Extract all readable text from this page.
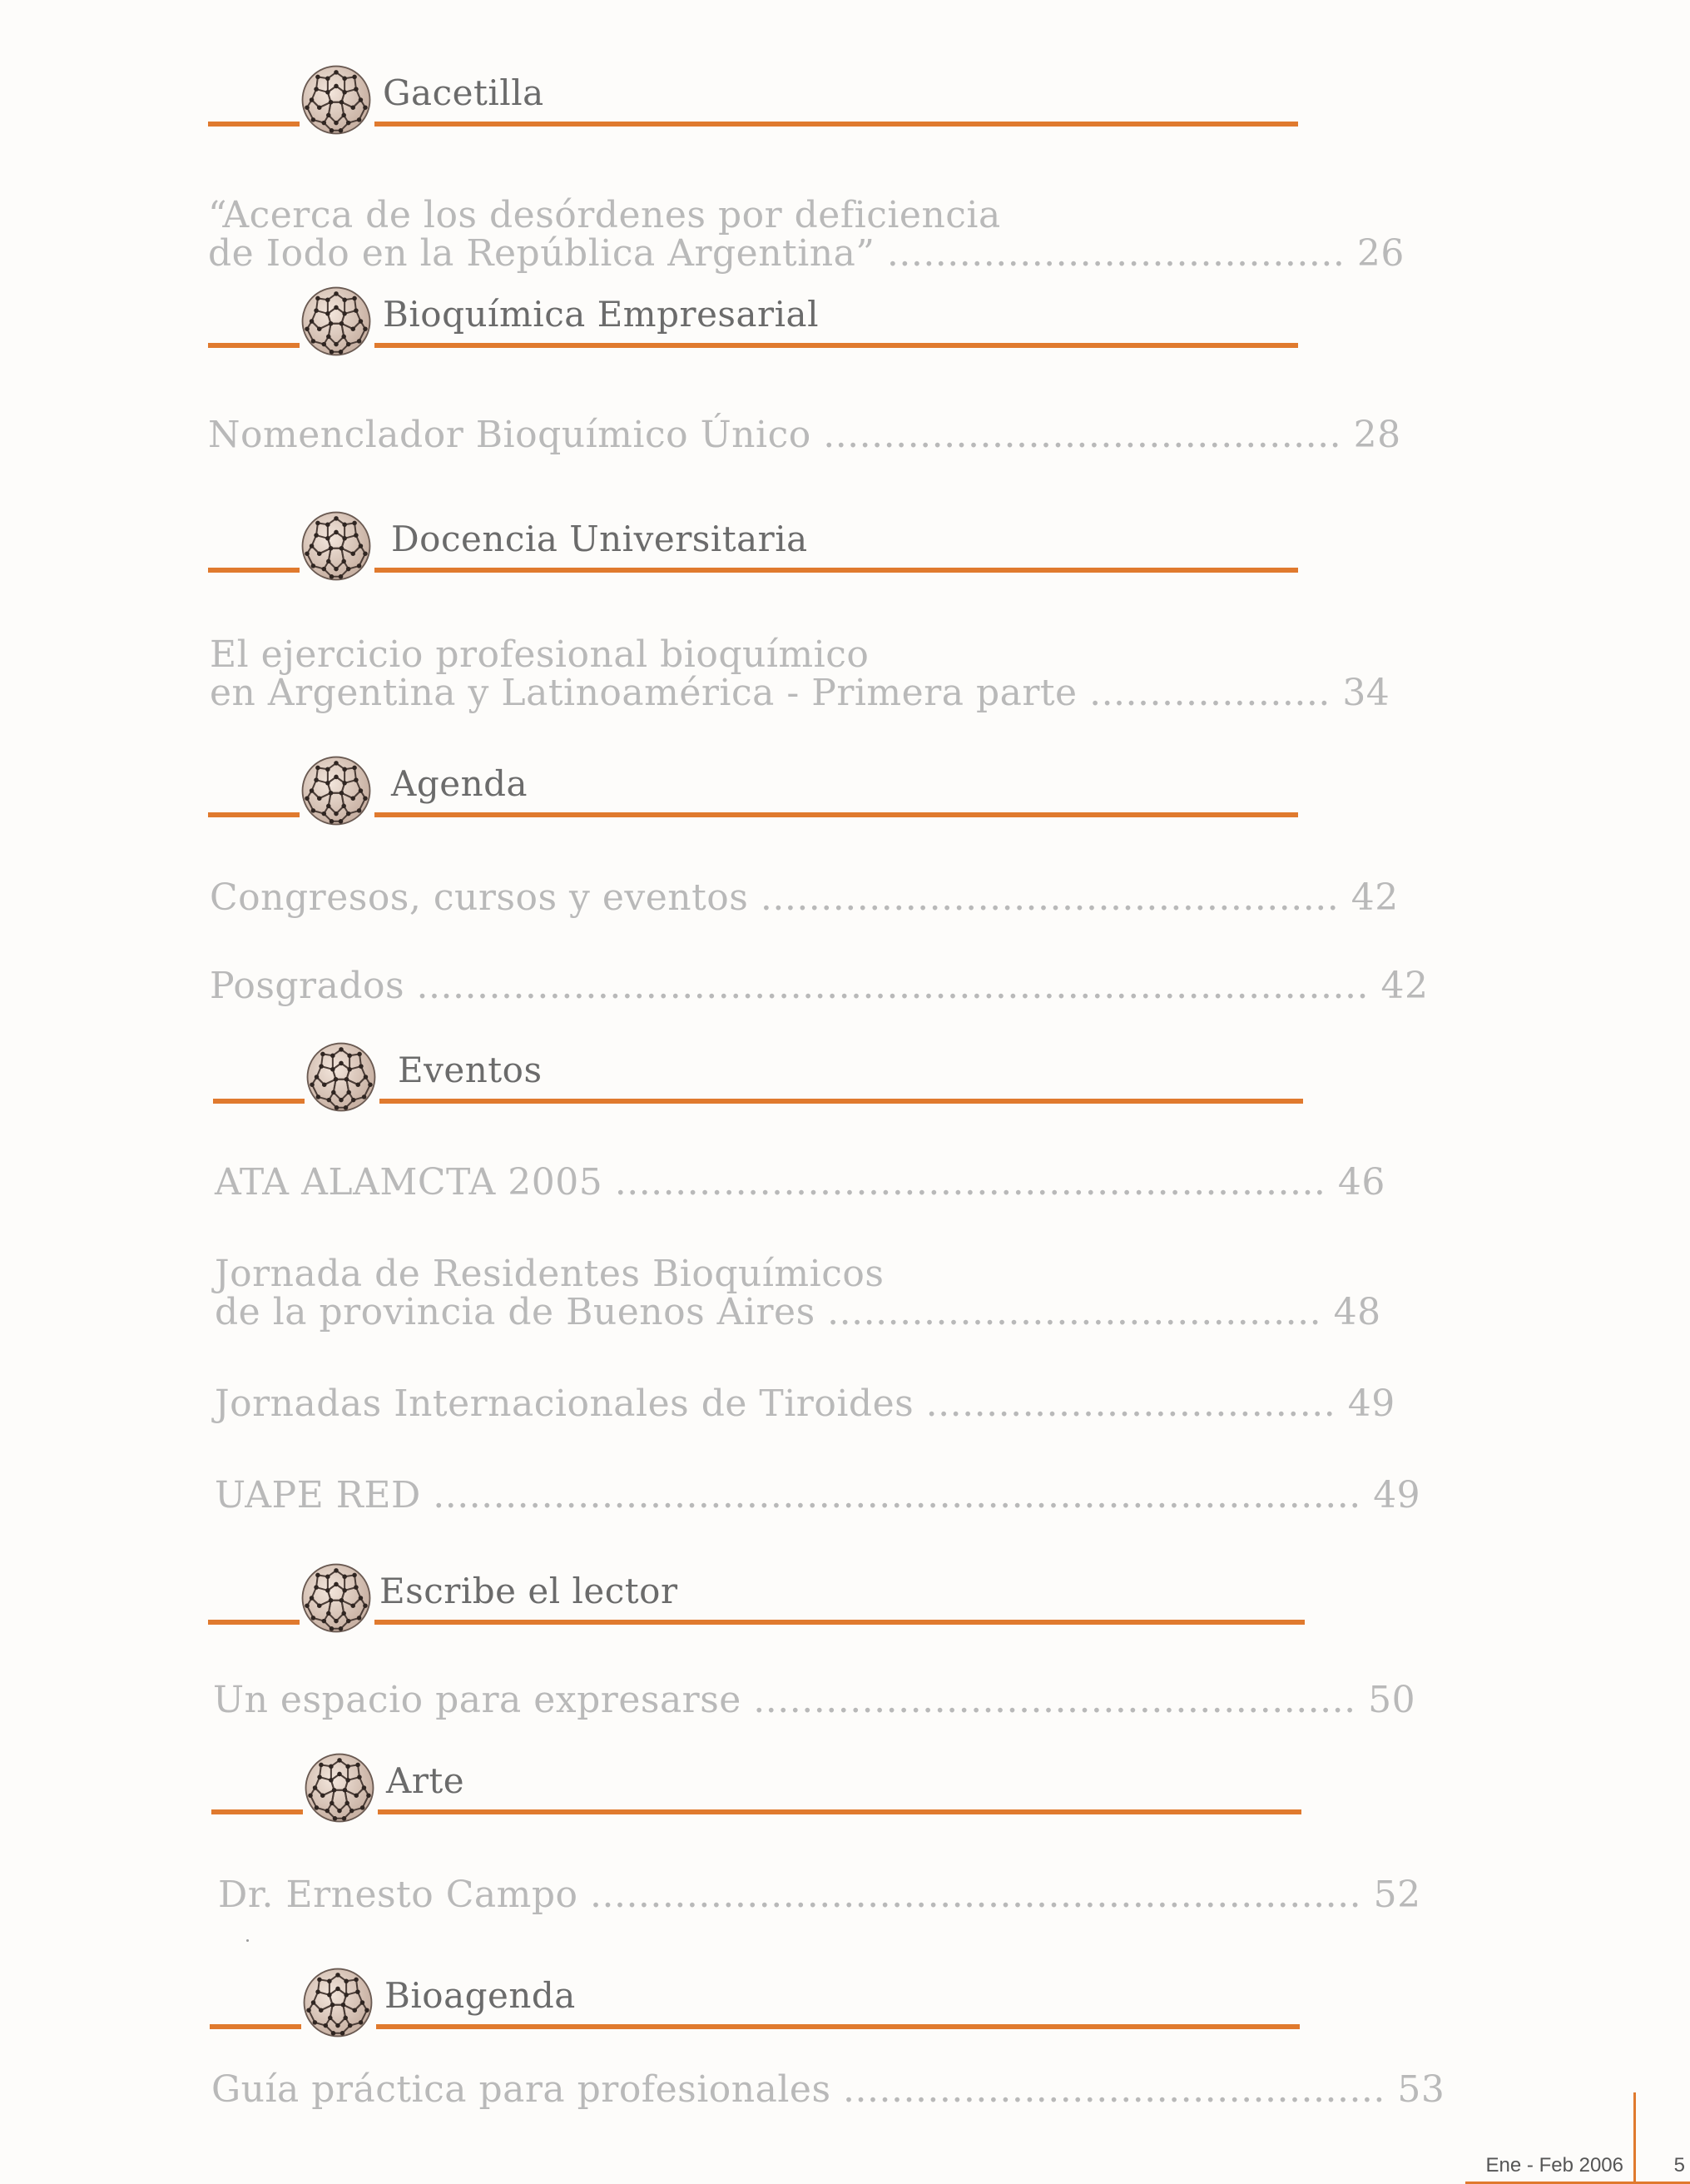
Gacetilla
Bioquímica Empresarial
Docencia Universitaria
Agenda
Eventos
Escribe el lector
Arte
Bioagenda
“Acerca de los desórdenes por deficiencia
de Iodo en la República Argentina” ...................................... 26
Nomenclador Bioquímico Único ........................................... 28
El ejercicio profesional bioquímico
en Argentina y Latinoamérica - Primera parte .................... 34
Congresos, cursos y eventos ................................................ 42
Posgrados ............................................................................... 42
ATA ALAMCTA 2005 ........................................................... 46
Jornada de Residentes Bioquímicos
de la provincia de Buenos Aires ......................................... 48
Jornadas Internacionales de Tiroides .................................. 49
UAPE RED ............................................................................. 49
Un espacio para expresarse .................................................. 50
Dr. Ernesto Campo ................................................................ 52
Guía práctica para profesionales ............................................. 53
Ene - Feb 2006	5
